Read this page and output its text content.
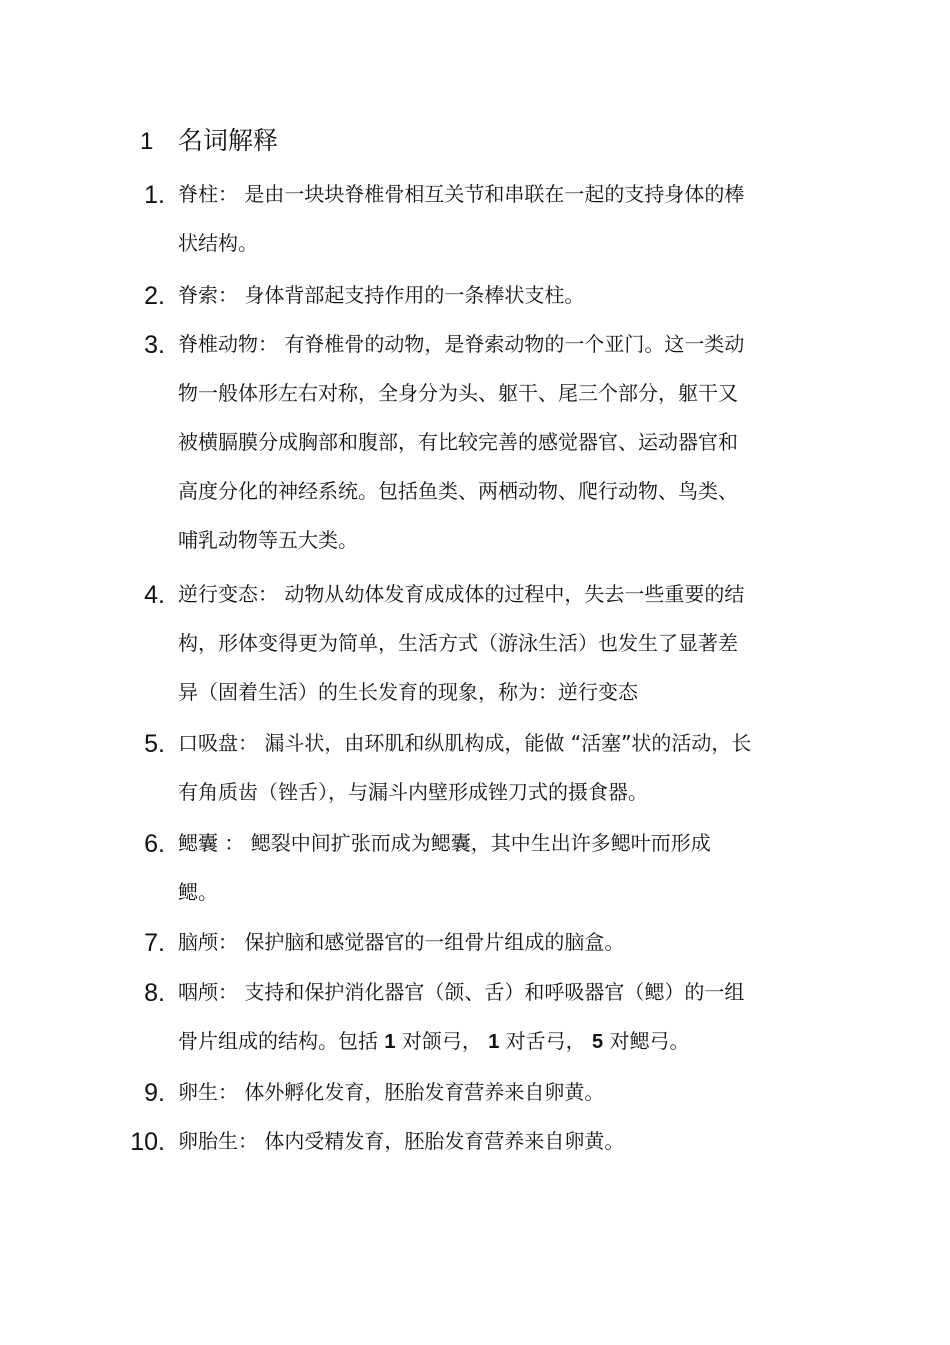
1 名词解释
1. 脊柱： 是由一块块脊椎骨相互关节和串联在一起的支持身体的棒
状结构。
2. 脊索： 身体背部起支持作用的一条棒状支柱。
3. 脊椎动物： 有脊椎骨的动物，是脊索动物的一个亚门。这一类动
物一般体形左右对称，全身分为头、躯干、尾三个部分，躯干又
被横膈膜分成胸部和腹部，有比较完善的感觉器官、运动器官和
高度分化的神经系统。包括鱼类、两栖动物、爬行动物、鸟类、
哺乳动物等五大类。
4. 逆行变态： 动物从幼体发育成成体的过程中，失去一些重要的结
构，形体变得更为简单，生活方式（游泳生活）也发生了显著差
异（固着生活）的生长发育的现象，称为：逆行变态
5. 口吸盘： 漏斗状，由环肌和纵肌构成，能做 “活塞”状的活动，长
有角质齿（锉舌），与漏斗内壁形成锉刀式的摄食器。
6. 鳃囊 ： 鳃裂中间扩张而成为鳃囊，其中生出许多鳃叶而形成
鳃。
7. 脑颅： 保护脑和感觉器官的一组骨片组成的脑盒。
8. 咽颅： 支持和保护消化器官（颌、舌）和呼吸器官（鳃）的一组
骨片组成的结构。包括 1 对颌弓， 1 对舌弓， 5 对鳃弓。
9. 卵生： 体外孵化发育，胚胎发育营养来自卵黄。
10. 卵胎生： 体内受精发育，胚胎发育营养来自卵黄。
